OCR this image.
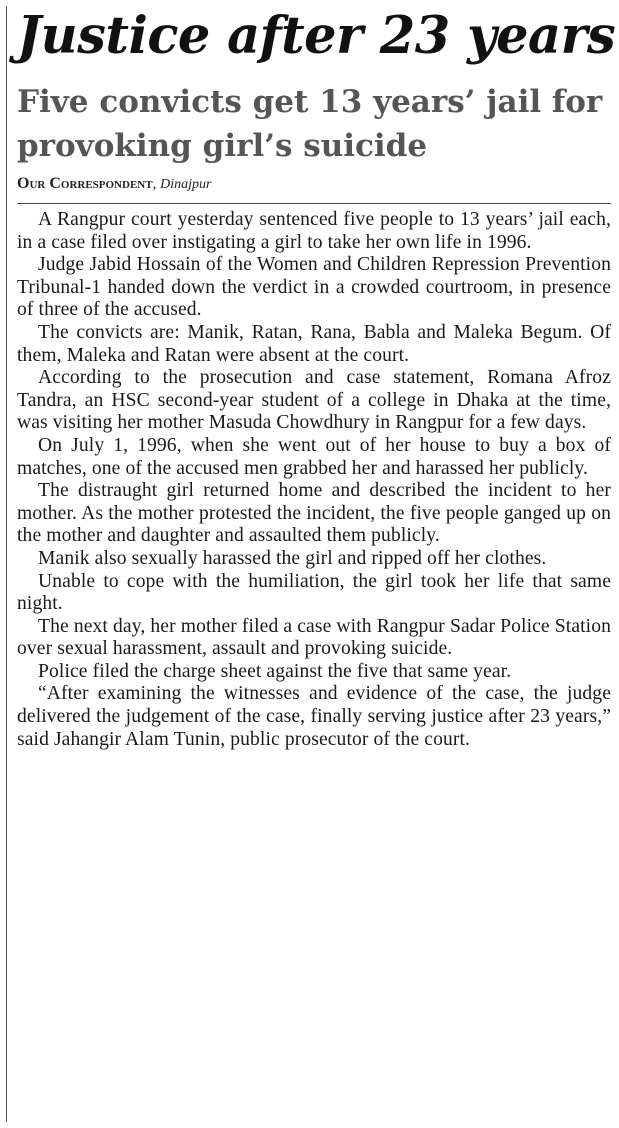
Justice after 23 years
Five convicts get 13 years’ jail for provoking girl’s suicide
Our Correspondent, Dinajpur

A Rangpur court yesterday sentenced five people to 13 years’ jail each, in a case filed over instigating a girl to take her own life in 1996.

Judge Jabid Hossain of the Women and Children Repression Prevention Tribunal-1 handed down the verdict in a crowded courtroom, in presence of three of the accused.

The convicts are: Manik, Ratan, Rana, Babla and Maleka Begum. Of them, Maleka and Ratan were absent at the court.

According to the prosecution and case statement, Romana Afroz Tandra, an HSC second-year student of a college in Dhaka at the time, was visiting her mother Masuda Chowdhury in Rangpur for a few days.

On July 1, 1996, when she went out of her house to buy a box of matches, one of the accused men grabbed her and harassed her publicly.

The distraught girl returned home and described the incident to her mother. As the mother protested the incident, the five people ganged up on the mother and daughter and assaulted them publicly.

Manik also sexually harassed the girl and ripped off her clothes.

Unable to cope with the humiliation, the girl took her life that same night.

The next day, her mother filed a case with Rangpur Sadar Police Station over sexual harassment, assault and provoking suicide.

Police filed the charge sheet against the five that same year.

“After examining the witnesses and evidence of the case, the judge delivered the judgement of the case, finally serving justice after 23 years,” said Jahangir Alam Tunin, public prosecutor of the court.
